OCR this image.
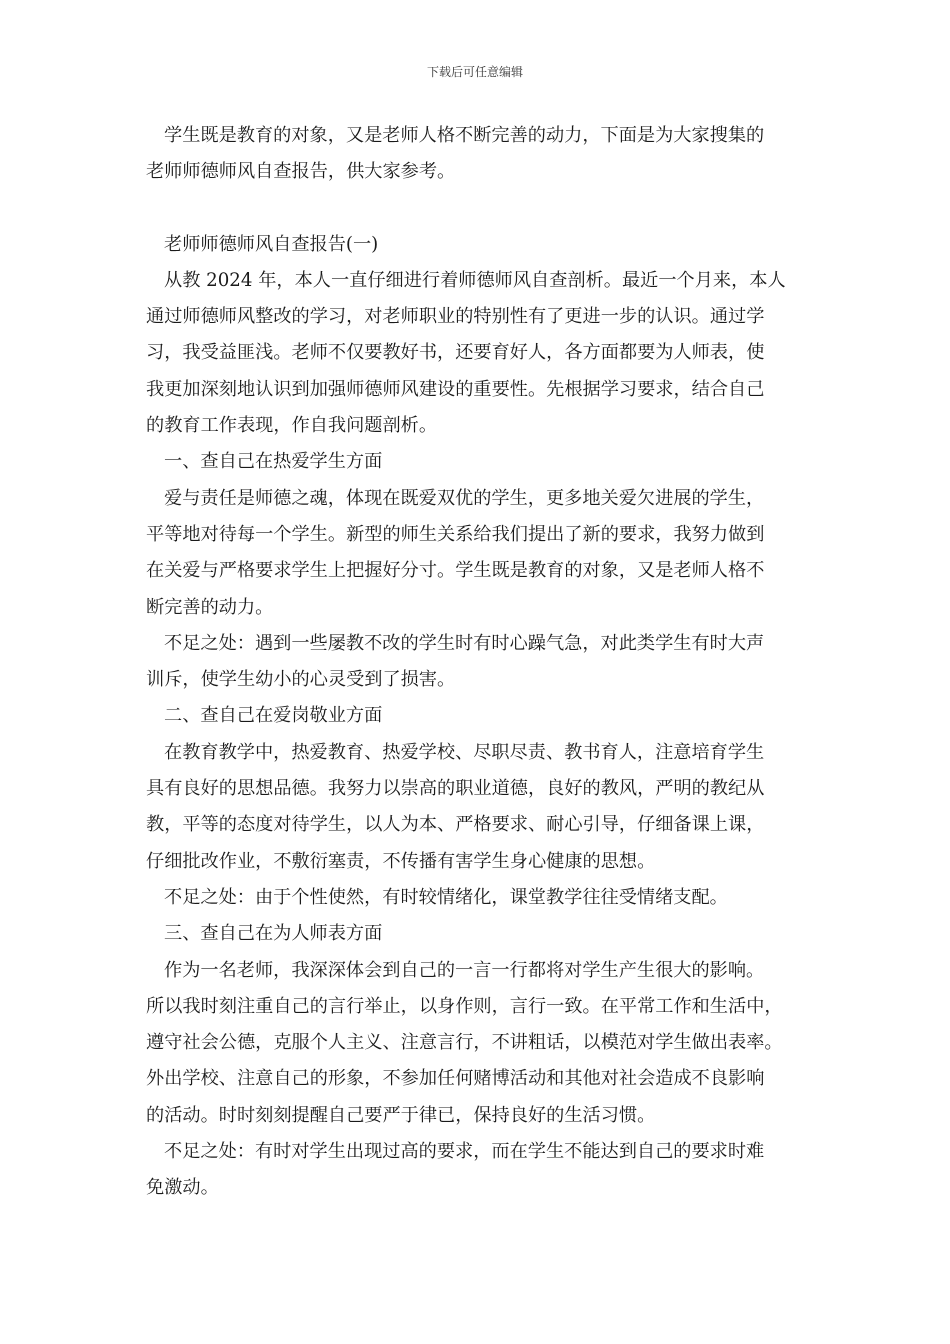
下载后可任意编辑
学生既是教育的对象，又是老师人格不断完善的动力，下面是为大家搜集的
老师师德师风自查报告，供大家参考。
老师师德师风自查报告(一)
从教 2024 年，本人一直仔细进行着师德师风自查剖析。最近一个月来，本人
通过师德师风整改的学习，对老师职业的特别性有了更进一步的认识。通过学
习，我受益匪浅。老师不仅要教好书，还要育好人，各方面都要为人师表，使
我更加深刻地认识到加强师德师风建设的重要性。先根据学习要求，结合自己
的教育工作表现，作自我问题剖析。
一、查自己在热爱学生方面
爱与责任是师德之魂，体现在既爱双优的学生，更多地关爱欠进展的学生，
平等地对待每一个学生。新型的师生关系给我们提出了新的要求，我努力做到
在关爱与严格要求学生上把握好分寸。学生既是教育的对象，又是老师人格不
断完善的动力。
不足之处：遇到一些屡教不改的学生时有时心躁气急，对此类学生有时大声
训斥，使学生幼小的心灵受到了损害。
二、查自己在爱岗敬业方面
在教育教学中，热爱教育、热爱学校、尽职尽责、教书育人，注意培育学生
具有良好的思想品德。我努力以崇高的职业道德，良好的教风，严明的教纪从
教，平等的态度对待学生，以人为本、严格要求、耐心引导，仔细备课上课，
仔细批改作业，不敷衍塞责，不传播有害学生身心健康的思想。
不足之处：由于个性使然，有时较情绪化，课堂教学往往受情绪支配。
三、查自己在为人师表方面
作为一名老师，我深深体会到自己的一言一行都将对学生产生很大的影响。
所以我时刻注重自己的言行举止，以身作则，言行一致。在平常工作和生活中，
遵守社会公德，克服个人主义、注意言行，不讲粗话，以模范对学生做出表率。
外出学校、注意自己的形象，不参加任何赌博活动和其他对社会造成不良影响
的活动。时时刻刻提醒自己要严于律已，保持良好的生活习惯。
不足之处：有时对学生出现过高的要求，而在学生不能达到自己的要求时难
免激动。
